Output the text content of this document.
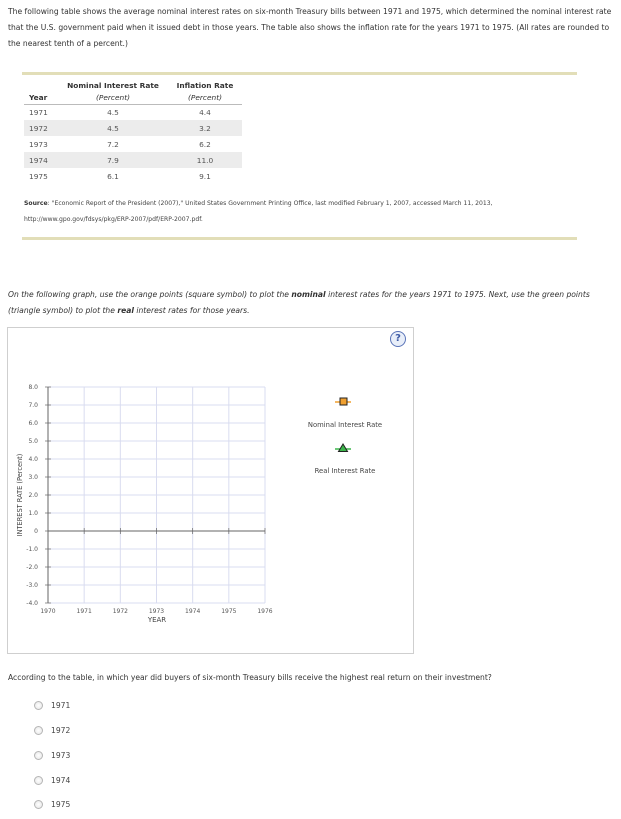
The following table shows the average nominal interest rates on six-month Treasury bills between 1971 and 1975, which determined the nominal interest rate that the U.S. government paid when it issued debt in those years. The table also shows the inflation rate for the years 1971 to 1975. (All rates are rounded to the nearest tenth of a percent.)
	Nominal Interest Rate	Inflation Rate
Year	(Percent)	(Percent)
1971	4.5	4.4
1972	4.5	3.2
1973	7.2	6.2
1974	7.9	11.0
1975	6.1	9.1
Source: "Economic Report of the President (2007)," United States Government Printing Office, last modified February 1, 2007, accessed March 11, 2013, http://www.gpo.gov/fdsys/pkg/ERP-2007/pdf/ERP-2007.pdf.
On the following graph, use the orange points (square symbol) to plot the nominal interest rates for the years 1971 to 1975. Next, use the green points (triangle symbol) to plot the real interest rates for those years.
?
1970	1971	1972	1973	1974	1975	1976
8.0
7.0
6.0
5.0
4.0
3.0
2.0
1.0
0
-1.0
-2.0
-3.0
-4.0
YEAR
INTEREST RATE (Percent)
Nominal Interest Rate
Real Interest Rate
According to the table, in which year did buyers of six-month Treasury bills receive the highest real return on their investment?
1971
1972
1973
1974
1975
